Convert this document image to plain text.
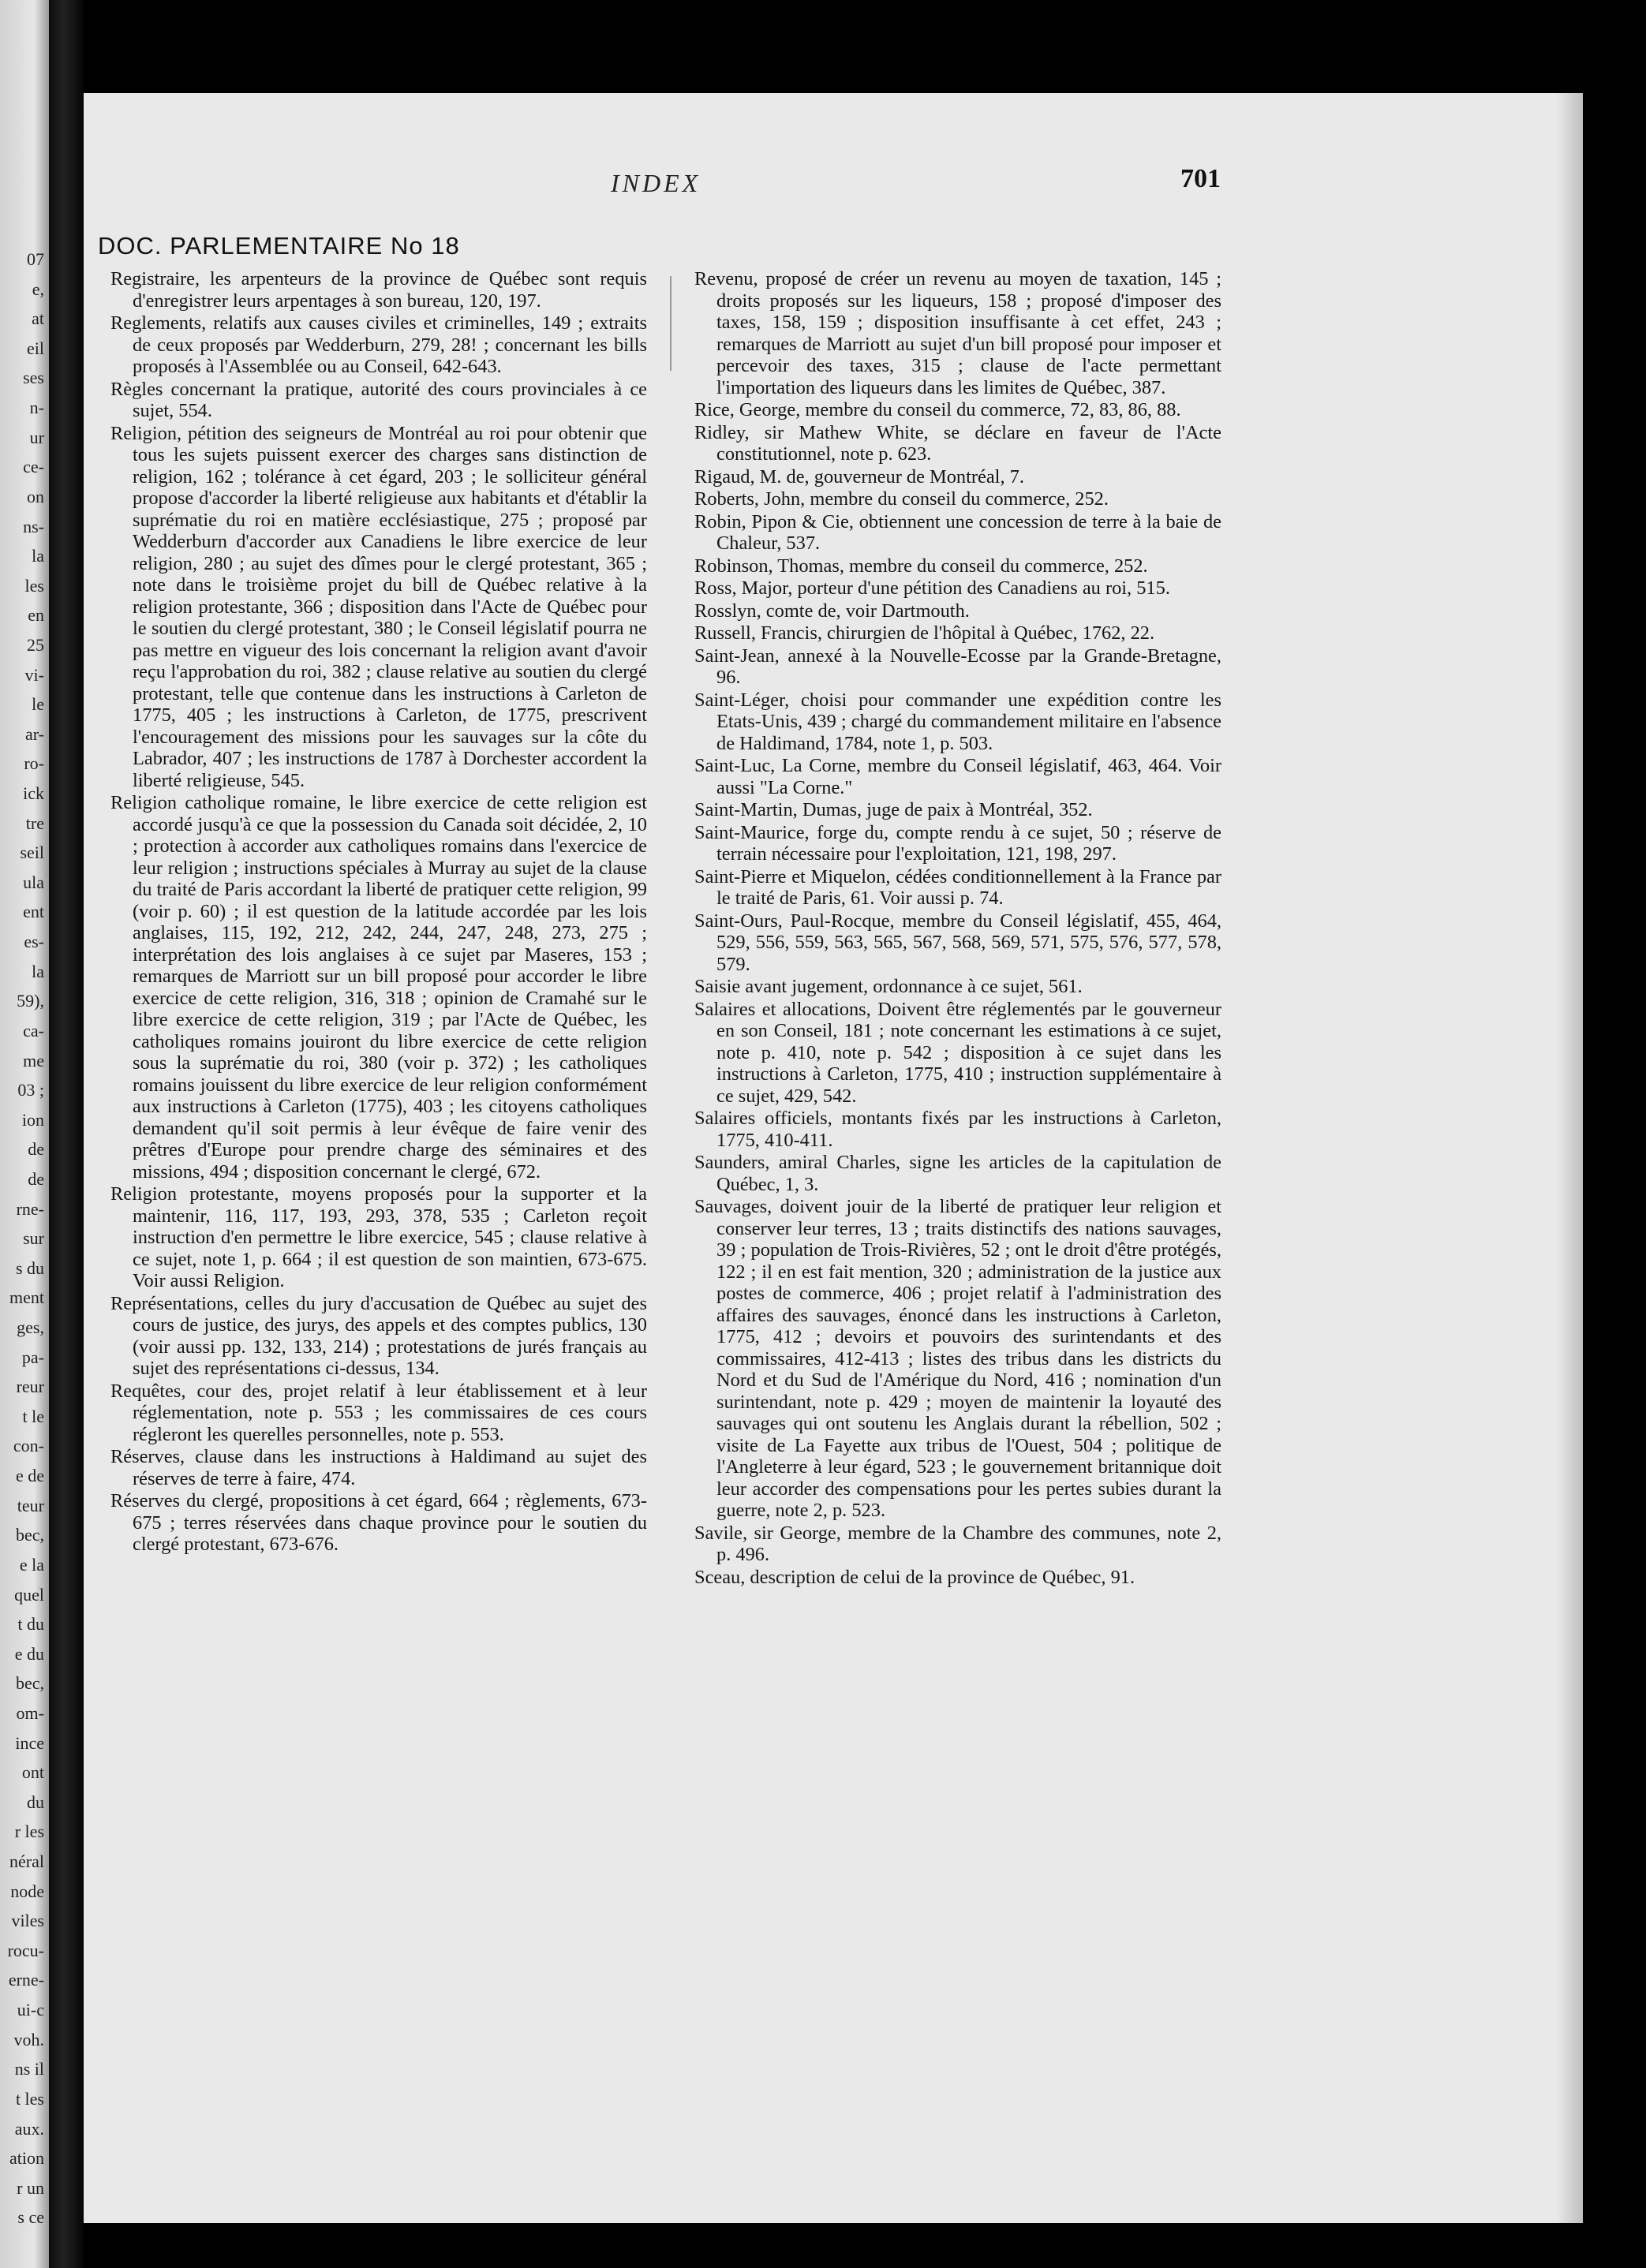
07
e,
at
eil
ses
n-
ur
ce-
on
ns-
la
les
en
25
vi-
le
ar-
ro-
ick
tre
seil
ula
ent
es-
la
59),
ca-
me
03 ;
ion
de
de
rne-
sur
s du
ment
ges,
pa-
reur
t le
con-
e de
teur
bec,
e la
quel
t du
e du
bec,
om-
ince
ont
du
r les
néral
node
viles
rocu-
erne-
ui-c
voh.
ns il
t les
aux.
ation
r un
s ce
INDEX	701
DOC. PARLEMENTAIRE No 18

Registraire, les arpenteurs de la province de Québec sont requis d'enregistrer leurs arpentages à son bureau, 120, 197.

Reglements, relatifs aux causes civiles et criminelles, 149 ; extraits de ceux proposés par Wedderburn, 279, 28! ; concernant les bills proposés à l'Assemblée ou au Conseil, 642-643.

Règles concernant la pratique, autorité des cours provinciales à ce sujet, 554.

Religion, pétition des seigneurs de Montréal au roi pour obtenir que tous les sujets puissent exercer des charges sans distinction de religion, 162 ; tolérance à cet égard, 203 ; le solliciteur général propose d'accorder la liberté religieuse aux habitants et d'établir la suprématie du roi en matière ecclésiastique, 275 ; proposé par Wedderburn d'accorder aux Canadiens le libre exercice de leur religion, 280 ; au sujet des dîmes pour le clergé protestant, 365 ; note dans le troisième projet du bill de Québec relative à la religion protestante, 366 ; disposition dans l'Acte de Québec pour le soutien du clergé protestant, 380 ; le Conseil législatif pourra ne pas mettre en vigueur des lois concernant la religion avant d'avoir reçu l'approbation du roi, 382 ; clause relative au soutien du clergé protestant, telle que contenue dans les instructions à Carleton de 1775, 405 ; les instructions à Carleton, de 1775, prescrivent l'encouragement des missions pour les sauvages sur la côte du Labrador, 407 ; les instructions de 1787 à Dorchester accordent la liberté religieuse, 545.

Religion catholique romaine, le libre exercice de cette religion est accordé jusqu'à ce que la possession du Canada soit décidée, 2, 10 ; protection à accorder aux catholiques romains dans l'exercice de leur religion ; instructions spéciales à Murray au sujet de la clause du traité de Paris accordant la liberté de pratiquer cette religion, 99 (voir p. 60) ; il est question de la latitude accordée par les lois anglaises, 115, 192, 212, 242, 244, 247, 248, 273, 275 ; interprétation des lois anglaises à ce sujet par Maseres, 153 ; remarques de Marriott sur un bill proposé pour accorder le libre exercice de cette religion, 316, 318 ; opinion de Cramahé sur le libre exercice de cette religion, 319 ; par l'Acte de Québec, les catholiques romains jouiront du libre exercice de cette religion sous la suprématie du roi, 380 (voir p. 372) ; les catholiques romains jouissent du libre exercice de leur religion conformément aux instructions à Carleton (1775), 403 ; les citoyens catholiques demandent qu'il soit permis à leur évêque de faire venir des prêtres d'Europe pour prendre charge des séminaires et des missions, 494 ; disposition concernant le clergé, 672.

Religion protestante, moyens proposés pour la supporter et la maintenir, 116, 117, 193, 293, 378, 535 ; Carleton reçoit instruction d'en permettre le libre exercice, 545 ; clause relative à ce sujet, note 1, p. 664 ; il est question de son maintien, 673-675. Voir aussi Religion.

Représentations, celles du jury d'accusation de Québec au sujet des cours de justice, des jurys, des appels et des comptes publics, 130 (voir aussi pp. 132, 133, 214) ; protestations de jurés français au sujet des représentations ci-dessus, 134.

Requêtes, cour des, projet relatif à leur établissement et à leur réglementation, note p. 553 ; les commissaires de ces cours régleront les querelles personnelles, note p. 553.

Réserves, clause dans les instructions à Haldimand au sujet des réserves de terre à faire, 474.

Réserves du clergé, propositions à cet égard, 664 ; règlements, 673-675 ; terres réservées dans chaque province pour le soutien du clergé protestant, 673-676.

Revenu, proposé de créer un revenu au moyen de taxation, 145 ; droits proposés sur les liqueurs, 158 ; proposé d'imposer des taxes, 158, 159 ; disposition insuffisante à cet effet, 243 ; remarques de Marriott au sujet d'un bill proposé pour imposer et percevoir des taxes, 315 ; clause de l'acte permettant l'importation des liqueurs dans les limites de Québec, 387.

Rice, George, membre du conseil du commerce, 72, 83, 86, 88.

Ridley, sir Mathew White, se déclare en faveur de l'Acte constitutionnel, note p. 623.

Rigaud, M. de, gouverneur de Montréal, 7.

Roberts, John, membre du conseil du commerce, 252.

Robin, Pipon & Cie, obtiennent une concession de terre à la baie de Chaleur, 537.

Robinson, Thomas, membre du conseil du commerce, 252.

Ross, Major, porteur d'une pétition des Canadiens au roi, 515.

Rosslyn, comte de, voir Dartmouth.

Russell, Francis, chirurgien de l'hôpital à Québec, 1762, 22.

Saint-Jean, annexé à la Nouvelle-Ecosse par la Grande-Bretagne, 96.

Saint-Léger, choisi pour commander une expédition contre les Etats-Unis, 439 ; chargé du commandement militaire en l'absence de Haldimand, 1784, note 1, p. 503.

Saint-Luc, La Corne, membre du Conseil législatif, 463, 464. Voir aussi "La Corne."

Saint-Martin, Dumas, juge de paix à Montréal, 352.

Saint-Maurice, forge du, compte rendu à ce sujet, 50 ; réserve de terrain nécessaire pour l'exploitation, 121, 198, 297.

Saint-Pierre et Miquelon, cédées conditionnellement à la France par le traité de Paris, 61. Voir aussi p. 74.

Saint-Ours, Paul-Rocque, membre du Conseil législatif, 455, 464, 529, 556, 559, 563, 565, 567, 568, 569, 571, 575, 576, 577, 578, 579.

Saisie avant jugement, ordonnance à ce sujet, 561.

Salaires et allocations, Doivent être réglementés par le gouverneur en son Conseil, 181 ; note concernant les estimations à ce sujet, note p. 410, note p. 542 ; disposition à ce sujet dans les instructions à Carleton, 1775, 410 ; instruction supplémentaire à ce sujet, 429, 542.

Salaires officiels, montants fixés par les instructions à Carleton, 1775, 410-411.

Saunders, amiral Charles, signe les articles de la capitulation de Québec, 1, 3.

Sauvages, doivent jouir de la liberté de pratiquer leur religion et conserver leur terres, 13 ; traits distinctifs des nations sauvages, 39 ; population de Trois-Rivières, 52 ; ont le droit d'être protégés, 122 ; il en est fait mention, 320 ; administration de la justice aux postes de commerce, 406 ; projet relatif à l'administration des affaires des sauvages, énoncé dans les instructions à Carleton, 1775, 412 ; devoirs et pouvoirs des surintendants et des commissaires, 412-413 ; listes des tribus dans les districts du Nord et du Sud de l'Amérique du Nord, 416 ; nomination d'un surintendant, note p. 429 ; moyen de maintenir la loyauté des sauvages qui ont soutenu les Anglais durant la rébellion, 502 ; visite de La Fayette aux tribus de l'Ouest, 504 ; politique de l'Angleterre à leur égard, 523 ; le gouvernement britannique doit leur accorder des compensations pour les pertes subies durant la guerre, note 2, p. 523.

Savile, sir George, membre de la Chambre des communes, note 2, p. 496.

Sceau, description de celui de la province de Québec, 91.
